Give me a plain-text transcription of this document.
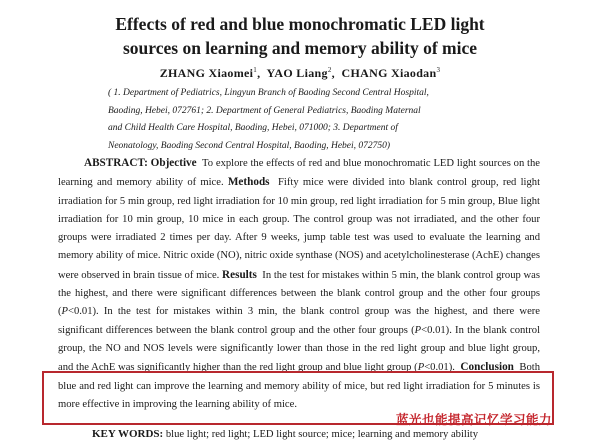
Effects of red and blue monochromatic LED light
sources on learning and memory ability of mice
ZHANG Xiaomei$^1$,  YAO Liang$^2$,  CHANG Xiaodan$^3$
( 1. Department of Pediatrics, Lingyun Branch of Baoding Second Central Hospital,
Baoding, Hebei, 072761; 2. Department of General Pediatrics, Baoding Maternal
and Child Health Care Hospital, Baoding, Hebei, 071000; 3. Department of
Neonatology, Baoding Second Central Hospital, Baoding, Hebei, 072750)
ABSTRACT: Objective To explore the effects of red and blue monochromatic LED light sources on the learning and memory ability of mice. Methods Fifty mice were divided into blank control group, red light irradiation for 5 min group, red light irradiation for 10 min group, red light irradiation for 5 min group, Blue light irradiation for 10 min group, 10 mice in each group. The control group was not irradiated, and the other four groups were irradiated 2 times per day. After 9 weeks, jump table test was used to evaluate the learning and memory ability of mice. Nitric oxide (NO), nitric oxide synthase (NOS) and acetylcholinesterase (AchE) changes were observed in brain tissue of mice. Results In the test for mistakes within 5 min, the blank control group was the highest, and there were significant differences between the blank control group and the other four groups (P<0.01). In the test for mistakes within 3 min, the blank control group was the highest, and there were significant differences between the blank control group and the other four groups (P<0.01). In the blank control group, the NO and NOS levels were significantly lower than those in the red light group and blue light group, and the AchE was significantly higher than the red light group and blue light group (P<0.01). Conclusion Both blue and red light can improve the learning and memory ability of mice, but red light irradiation for 5 minutes is more effective in improving the learning ability of mice.
蓝光也能提高记忆学习能力
KEY WORDS: blue light; red light; LED light source; mice; learning and memory ability
